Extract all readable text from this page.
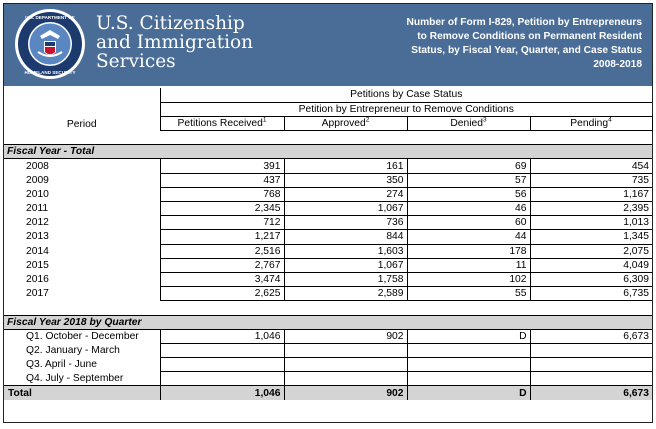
U.S. DEPARTMENT OF
HOMELAND SECURITY
U.S. Citizenship
and Immigration
Services
Number of Form I-829, Petition by Entrepreneurs
to Remove Conditions on Permanent Resident
Status, by Fiscal Year, Quarter, and Case Status
2008-2018
	Petitions by Case Status			
	Petition by Entrepreneur to Remove Conditions			
Period	Petitions Received$^1$	Approved$^2$	Denied$^3$	Pending$^4$

Fiscal Year - Total				
2008	391	161	69	454
2009	437	350	57	735
2010	768	274	56	1,167
2011	2,345	1,067	46	2,395
2012	712	736	60	1,013
2013	1,217	844	44	1,345
2014	2,516	1,603	178	2,075
2015	2,767	1,067	11	4,049
2016	3,474	1,758	102	6,309
2017	2,625	2,589	55	6,735

Fiscal Year 2018 by Quarter				
Q1. October - December	1,046	902	D	6,673
Q2. January - March				
Q3. April - June				
Q4. July - September				
Total	1,046	902	D	6,673
